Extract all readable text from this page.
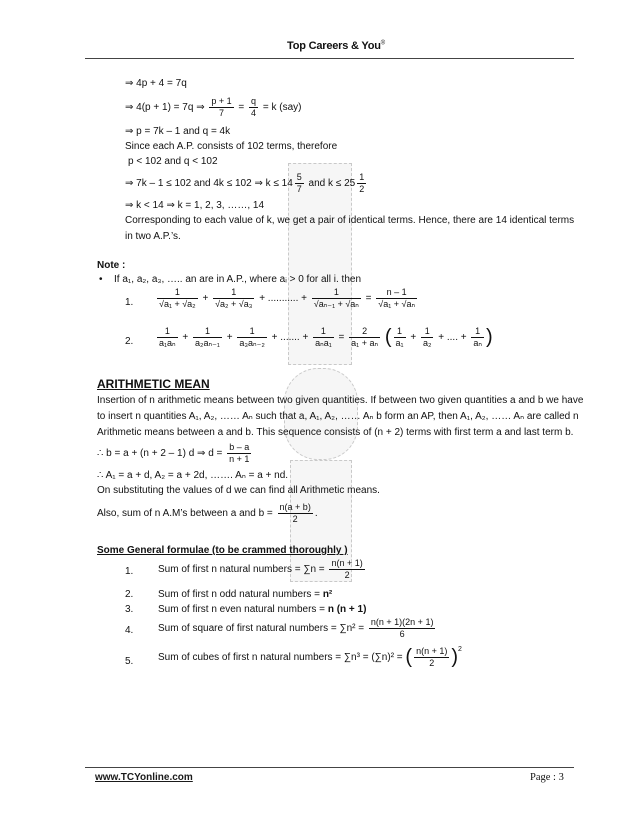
Top Careers & You®
⇒ 4p + 4 = 7q
⇒ 4(p + 1) = 7q ⇒ $\frac{p + 1}{7} = \frac{q}{4} = k$ (say)
⇒ p = 7k – 1 and q = 4k
Since each A.P. consists of 102 terms, therefore
p < 102 and q < 102
⇒ 7k – 1 ≤ 102 and 4k ≤ 102 ⇒ $k \le 14 \frac{5}{7}$ and $k \le 25 \frac{1}{2}$
⇒ k < 14 ⇒ k = 1, 2, 3, ……, 14
Corresponding to each value of k, we get a pair of identical terms. Hence, there are 14 identical terms
in two A.P.’s.
Note :
• If a₁, a₂, a₃, ….. an are in A.P., where aᵢ > 0 for all i. then
1.	$\frac{1}{\text{√a₁ + √a₂}} + \frac{1}{\text{√a₂ + √a₃}}$ + ........... + $\frac{1}{\text{√aₙ₋₁ + √aₙ}} = \frac{n - 1}{\text{√a₁ + √aₙ}}$
2.	$\frac{1}{\text{a₁aₙ}} + \frac{1}{\text{a₂aₙ₋₁}} + \frac{1}{\text{a₃aₙ₋₂}}$ + ....... + $\frac{1}{\text{aₙa₁}} = \frac{2}{\text{a₁ + aₙ}}$ ( $\frac{1}{\text{a₁}} + \frac{1}{\text{a₂}}$ + .... + $\frac{1}{\text{aₙ}}$ )
ARITHMETIC MEAN
Insertion of n arithmetic means between two given quantities. If between two given quantities a and b we have
to insert n quantities A₁, A₂, …… Aₙ such that a, A₁, A₂, …… Aₙ b form an AP, then A₁, A₂, …… Aₙ are called n
Arithmetic means between a and b. This sequence consists of (n + 2) terms with first term a and last term b.
∴ b = a + (n + 2 – 1) d ⇒ $d = \frac{b - a}{n + 1}$
∴ A₁ = a + d, A₂ = a + 2d, ……. Aₙ = a + nd.
On substituting the values of d we can find all Arithmetic means.
Also, sum of n A.M’s between a and $b = \frac{n(a + b)}{2}$ .
Some General formulae (to be crammed thoroughly )
1. Sum of first n natural numbers = $\sum n = \frac{n(n + 1)}{2}$
2. Sum of first n odd natural numbers = n²
3. Sum of first n even natural numbers = n (n + 1)
4. Sum of square of first natural numbers = $\sum n^2 = \frac{n(n + 1)(2n + 1)}{6}$
5. Sum of cubes of first n natural numbers = ∑n³ = (∑n)² = ( $\frac{n(n + 1)}{2} )^2$
www.TCYonline.com	Page : 3
